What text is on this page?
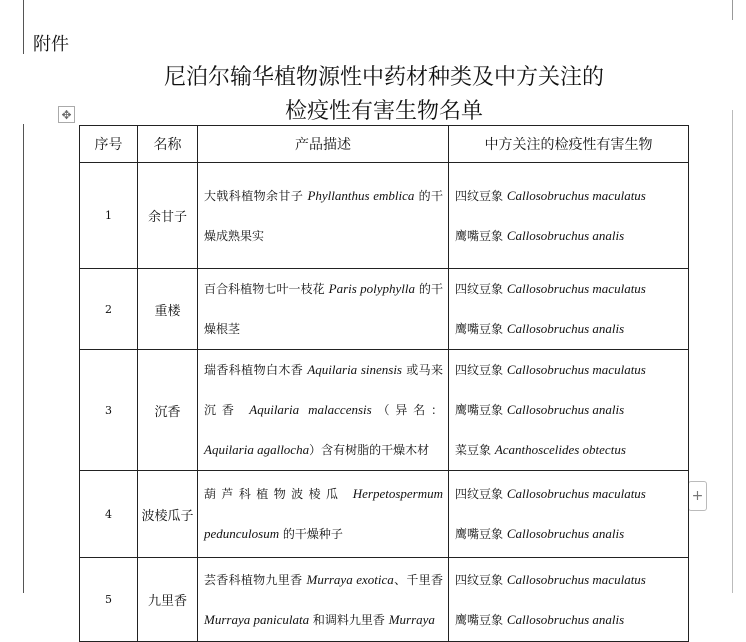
附件
尼泊尔输华植物源性中药材种类及中方关注的
检疫性有害生物名单
✥
+
序号	名称	产品描述	中方关注的检疫性有害生物
1	余甘子	大戟科植物余甘子 Phyllanthus emblica 的干燥成熟果实	四纹豆象 Callosobruchus maculatus
鹰嘴豆象 Callosobruchus analis

2	重楼	百合科植物七叶一枝花 Paris polyphylla 的干燥根茎	四纹豆象 Callosobruchus maculatus
鹰嘴豆象 Callosobruchus analis

3	沉香	瑞香科植物白木香 Aquilaria sinensis 或马来沉香 Aquilaria malaccensis（异名：Aquilaria agallocha）含有树脂的干燥木材	四纹豆象 Callosobruchus maculatus
鹰嘴豆象 Callosobruchus analis
菜豆象 Acanthoscelides obtectus

4	波棱瓜子	葫芦科植物波棱瓜 Herpetospermum pedunculosum 的干燥种子	四纹豆象 Callosobruchus maculatus
鹰嘴豆象 Callosobruchus analis

5	九里香	芸香科植物九里香 Murraya exotica、千里香 Murraya paniculata 和调料九里香 Murraya	四纹豆象 Callosobruchus maculatus
鹰嘴豆象 Callosobruchus analis
